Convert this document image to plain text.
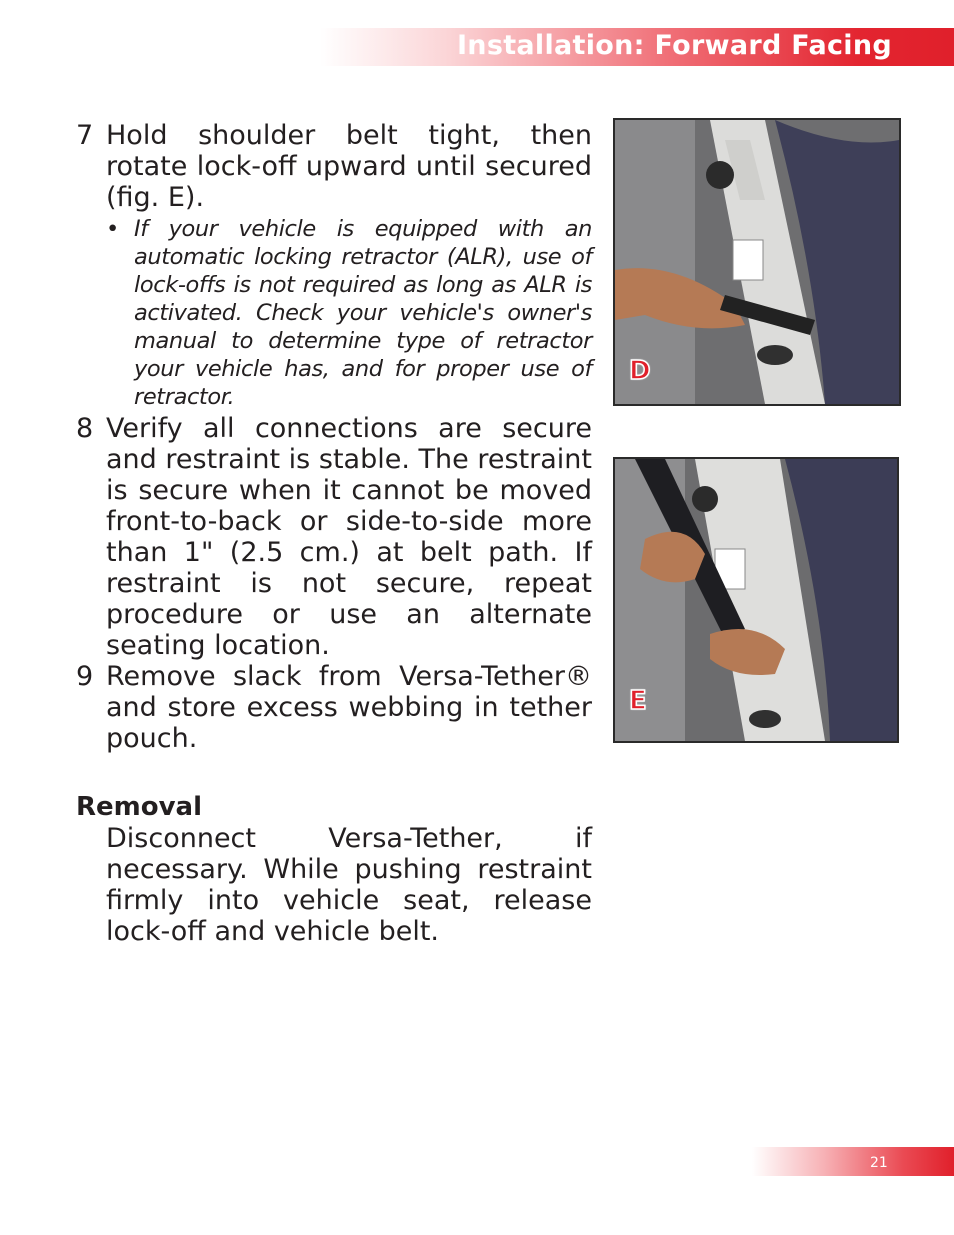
Installation: Forward Facing
7 Hold shoulder belt tight, then rotate lock-off upward until secured (fig. E).
• If your vehicle is equipped with an automatic locking retractor (ALR), use of lock-offs is not required as long as ALR is activated. Check your vehicle's owner's manual to determine type of retractor your vehicle has, and for proper use of retractor.
8 Verify all connections are secure and restraint is stable. The restraint is secure when it cannot be moved front-to-back or side-to-side more than 1" (2.5 cm.) at belt path. If restraint is not secure, repeat procedure or use an alternate seating location.
9 Remove slack from Versa-Tether® and store excess webbing in tether pouch.
Removal
Disconnect Versa-Tether, if necessary. While pushing restraint firmly into vehicle seat, release lock-off and vehicle belt.
D
E
21
